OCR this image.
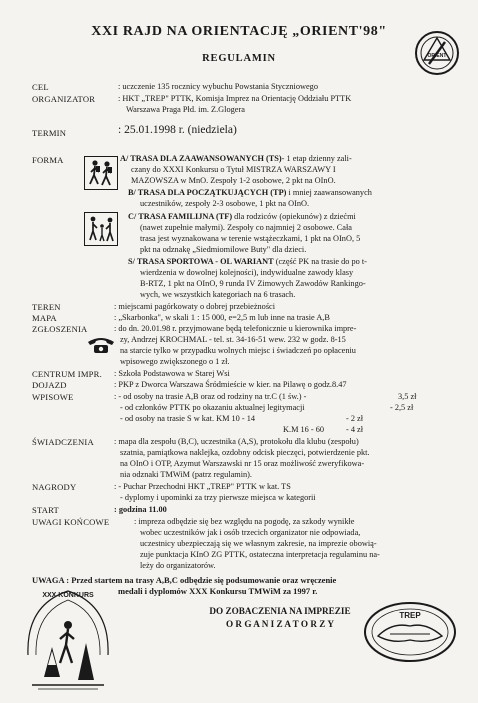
XXI RAJD NA ORIENTACJĘ „ORIENT'98"
REGULAMIN	ORIENT
CEL	: uczczenie 135 rocznicy wybuchu Powstania Styczniowego
ORGANIZATOR	: HKT „TREP" PTTK, Komisja Imprez na Orientację Oddziału PTTK
Warszawa Praga Płd. im. Z.Glogera
TERMIN	: 25.01.1998 r. (niedziela)
FORMA	A/ TRASA DLA ZAAWANSOWANYCH (TS)- 1 etap dzienny zali-
czany do XXXI Konkursu o Tytuł MISTRZA WARSZAWY I
MAZOWSZA w MnO. Zespoły 1-2 osobowe, 2 pkt na OInO.
B/ TRASA DLA POCZĄTKUJĄCYCH (TP) i mniej zaawansowanych
uczestników, zespoły 2-3 osobowe, 1 pkt na OInO.
C/ TRASA FAMILIJNA (TF) dla rodziców (opiekunów) z dziećmi
(nawet zupełnie małymi). Zespoły co najmniej 2 osobowe. Cała
trasa jest wyznakowana w terenie wstążeczkami, 1 pkt na OInO, 5
pkt na odznakę „Siedmiomilowe Buty" dla dzieci.
S/ TRASA SPORTOWA - OL WARIANT (część PK na trasie do po t-
wierdzenia w dowolnej kolejności), indywidualne zawody klasy
B-RTZ, 1 pkt na OInO, 9 runda IV Zimowych Zawodów Rankingo-
wych, we wszystkich kategoriach na 6 trasach.
TEREN	: miejscami pagórkowaty o dobrej przebieżności
MAPA	: „Skarbonka", w skali 1 : 15 000, e=2,5 m lub inne na trasie A,B
ZGŁOSZENIA	: do dn. 20.01.98 r. przyjmowane będą telefonicznie u kierownika impre-
zy, Andrzej KROCHMAL - tel. st. 34-16-51 wew. 232 w godz. 8-15
na starcie tylko w przypadku wolnych miejsc i świadczeń po opłaceniu
wpisowego zwiększonego o 1 zł.
CENTRUM IMPR. : Szkoła Podstawowa w Starej Wsi
DOJAZD	: PKP z Dworca Warszawa Śródmieście w kier. na Pilawę o godz.8.47
WPISOWE	: - od osoby na trasie A,B oraz od rodziny na tr.C (1 św.) -	3,5 zł
- od członków PTTK po okazaniu aktualnej legitymacji	- 2,5 zł
- od osoby na trasie S w kat. KM 10 - 14	- 2 zł
K.M 16 - 60	- 4 zł
ŚWIADCZENIA : mapa dla zespołu (B,C), uczestnika (A,S), protokołu dla klubu (zespołu)
szatnia, pamiątkowa naklejka, ozdobny odcisk pieczęci, potwierdzenie pkt.
na OInO i OTP, Azymut Warszawski nr 15 oraz możliwość zweryfikowa-
nia odznaki TMWiM (patrz regulamin).
NAGRODY	: - Puchar Przechodni HKT „TREP" PTTK w kat. TS
- dyplomy i upominki za trzy pierwsze miejsca w kategorii
START	: godzina 11.00
UWAGI KOŃCOWE	: impreza odbędzie się bez względu na pogodę, za szkody wynikłe
wobec uczestników jak i osób trzecich organizator nie odpowiada,
uczestnicy ubezpieczają się we własnym zakresie, na imprezie obowią-
zuje punktacja KInO ZG PTTK, ostateczna interpretacja regulaminu na-
leży do organizatorów.
UWAGA : Przed startem na trasy A,B,C odbędzie się podsumowanie oraz wręczenie
medali i dyplomów XXX Konkursu TMWiM za 1997 r.
DO ZOBACZENIA NA IMPREZIE
O R G A N I Z A T O R Z Y
XXX KONKURS
TREP
